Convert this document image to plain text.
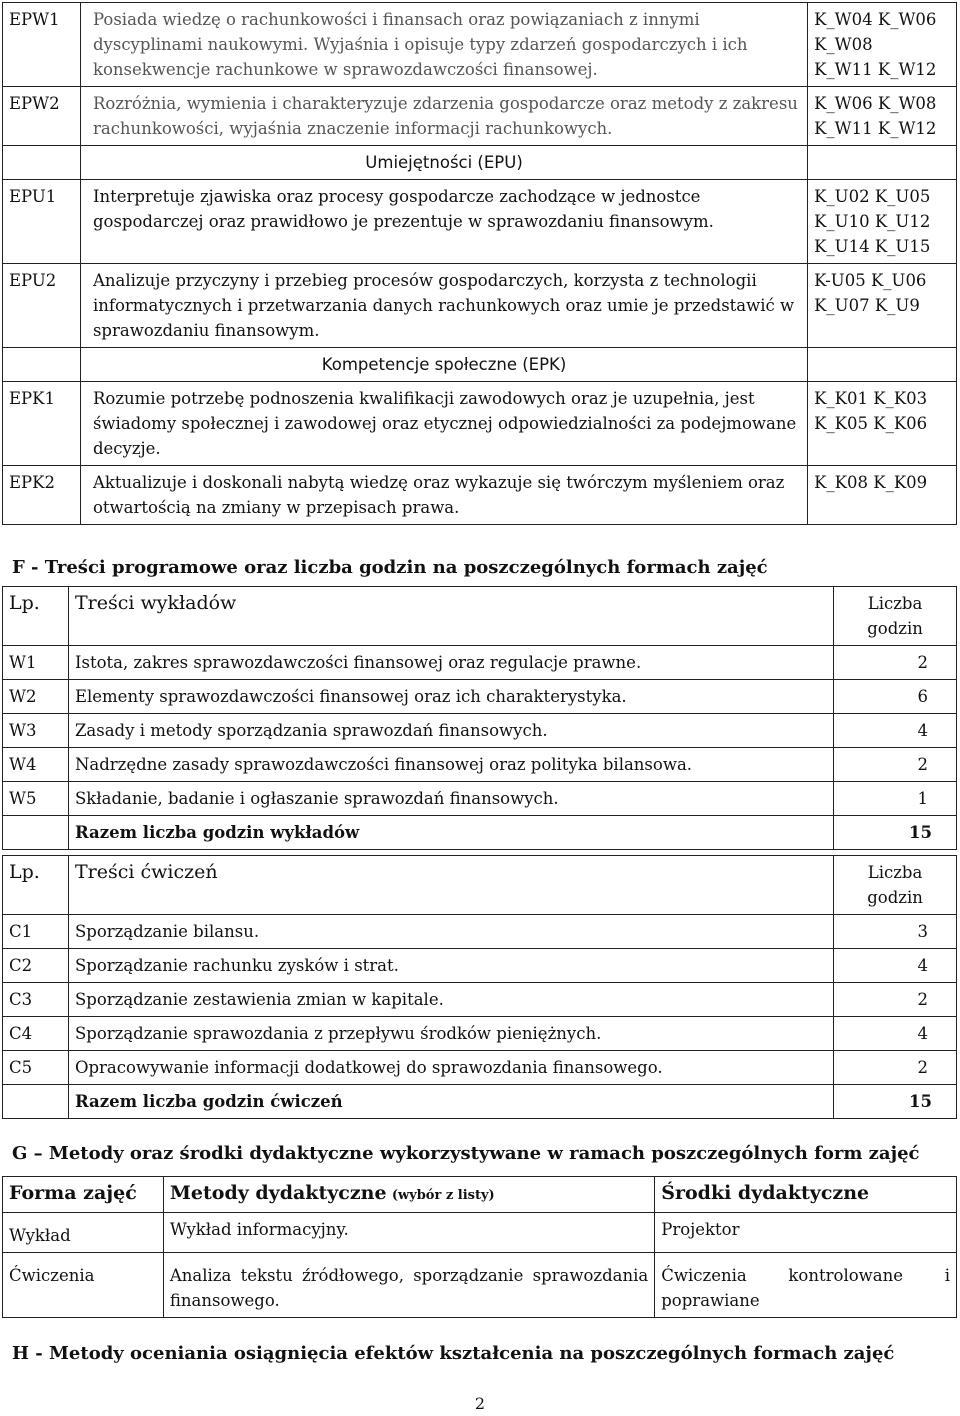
EPW1	Posiada wiedzę o rachunkowości i finansach oraz powiązaniach z innymi dyscyplinami naukowymi. Wyjaśnia i opisuje typy zdarzeń gospodarczych i ich konsekwencje rachunkowe w sprawozdawczości finansowej.	K_W04 K_W06
K_W08
K_W11 K_W12

EPW2	Rozróżnia, wymienia i charakteryzuje zdarzenia gospodarcze oraz metody z zakresu rachunkowości, wyjaśnia znaczenie informacji rachunkowych.	K_W06 K_W08
K_W11 K_W12

	Umiejętności (EPU)	
EPU1	Interpretuje zjawiska oraz procesy gospodarcze zachodzące w jednostce gospodarczej oraz prawidłowo je prezentuje w sprawozdaniu finansowym.	K_U02 K_U05
K_U10 K_U12
K_U14 K_U15

EPU2	Analizuje przyczyny i przebieg procesów gospodarczych, korzysta z technologii informatycznych i przetwarzania danych rachunkowych oraz umie je przedstawić w sprawozdaniu finansowym.	K-U05 K_U06
K_U07 K_U9

	Kompetencje społeczne (EPK)	
EPK1	Rozumie potrzebę podnoszenia kwalifikacji zawodowych oraz je uzupełnia, jest świadomy społecznej i zawodowej oraz etycznej odpowiedzialności za podejmowane decyzje.	K_K01 K_K03
K_K05 K_K06

EPK2	Aktualizuje i doskonali nabytą wiedzę oraz wykazuje się twórczym myśleniem oraz otwartością na zmiany w przepisach prawa.	K_K08 K_K09
F - Treści programowe oraz liczba godzin na poszczególnych formach zajęć
Lp.	Treści wykładów	Liczba
godzin

W1	Istota, zakres sprawozdawczości finansowej oraz regulacje prawne.	2
W2	Elementy sprawozdawczości finansowej oraz ich charakterystyka.	6
W3	Zasady i metody sporządzania sprawozdań finansowych.	4
W4	Nadrzędne zasady sprawozdawczości finansowej oraz polityka bilansowa.	2
W5	Składanie, badanie i ogłaszanie sprawozdań finansowych.	1
	Razem liczba godzin wykładów	15
Lp.	Treści ćwiczeń	Liczba
godzin

C1	Sporządzanie bilansu.	3
C2	Sporządzanie rachunku zysków i strat.	4
C3	Sporządzanie zestawienia zmian w kapitale.	2
C4	Sporządzanie sprawozdania z przepływu środków pieniężnych.	4
C5	Opracowywanie informacji dodatkowej do sprawozdania finansowego.	2
	Razem liczba godzin ćwiczeń	15
G – Metody oraz środki dydaktyczne wykorzystywane w ramach poszczególnych form zajęć
Forma zajęć	Metody dydaktyczne (wybór z listy)	Środki dydaktyczne
Wykład	Wykład informacyjny.	Projektor
Ćwiczenia	Analiza tekstu źródłowego, sporządzanie sprawozdania finansowego.	Ćwiczenia kontrolowane i
poprawiane
H - Metody oceniania osiągnięcia efektów kształcenia na poszczególnych formach zajęć
2
